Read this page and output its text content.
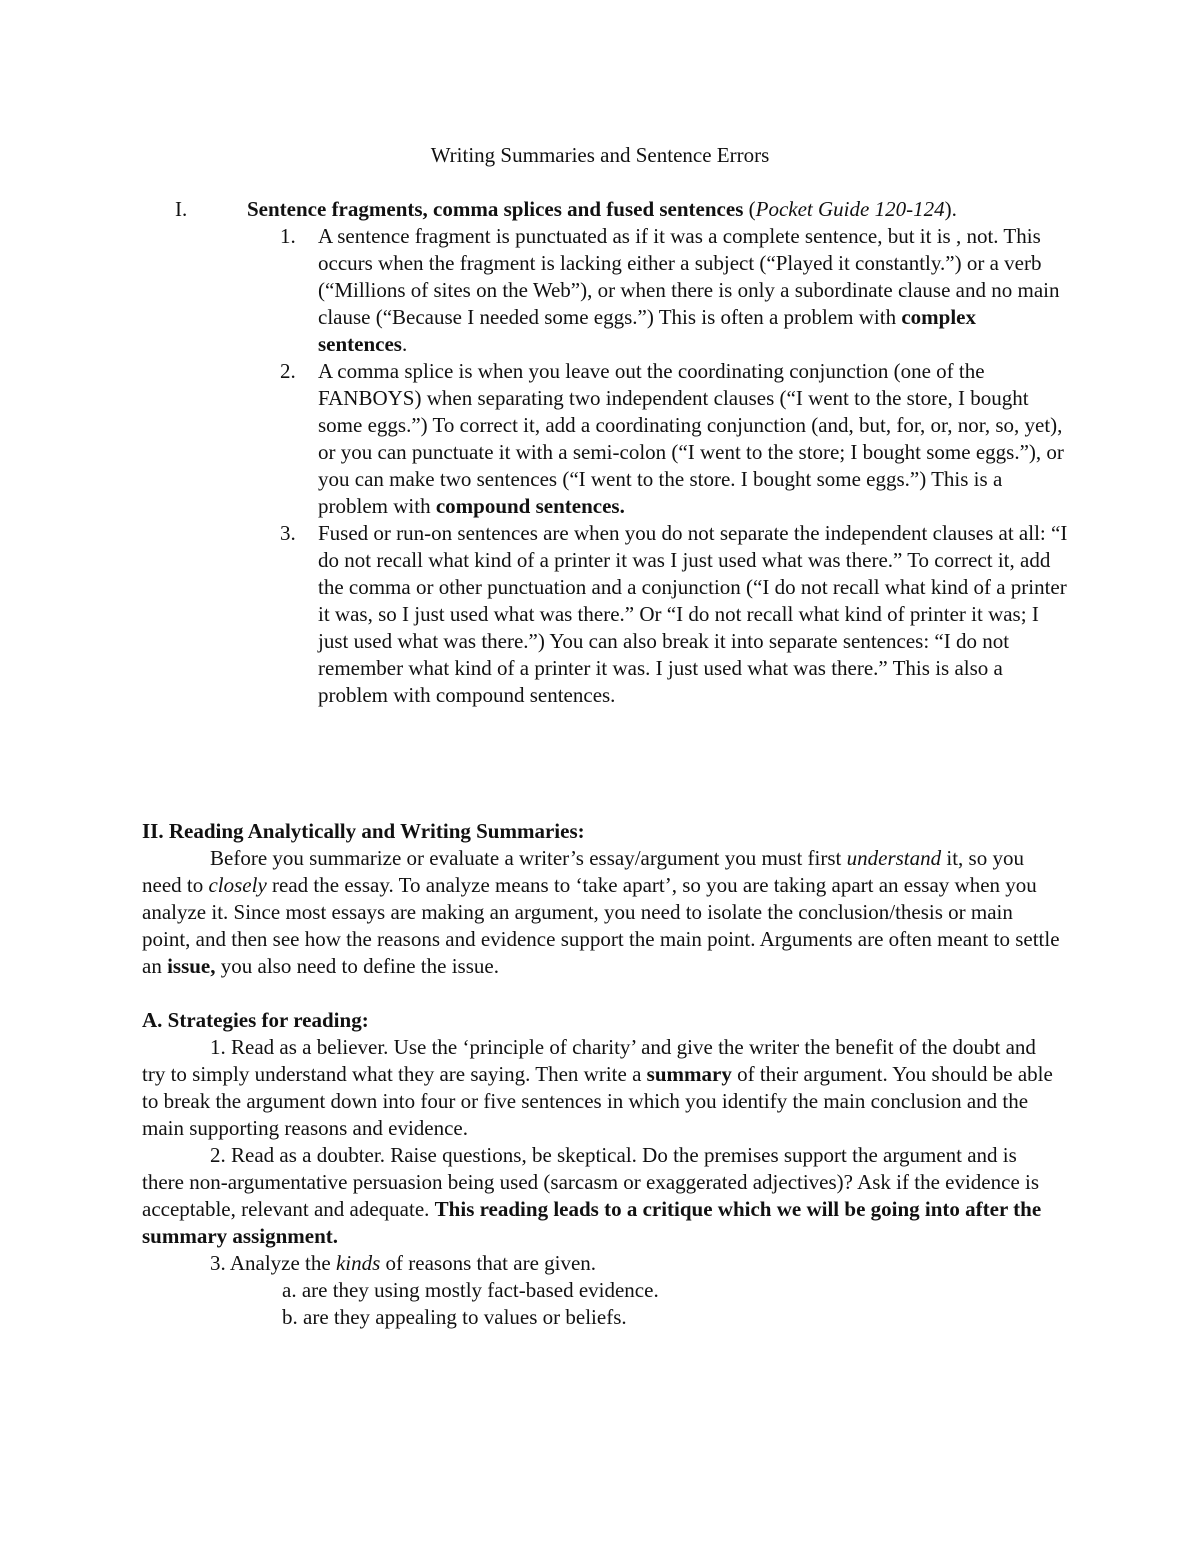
Writing Summaries and Sentence Errors
I.	Sentence fragments, comma splices and fused sentences (Pocket Guide 120-124).
1. A sentence fragment is punctuated as if it was a complete sentence, but it is , not. This occurs when the fragment is lacking either a subject (“Played it constantly.”) or a verb (“Millions of sites on the Web”), or when there is only a subordinate clause and no main clause (“Because I needed some eggs.”) This is often a problem with complex sentences.
2. A comma splice is when you leave out the coordinating conjunction (one of the FANBOYS) when separating two independent clauses (“I went to the store, I bought some eggs.”) To correct it, add a coordinating conjunction (and, but, for, or, nor, so, yet), or you can punctuate it with a semi-colon (“I went to the store; I bought some eggs.”), or you can make two sentences (“I went to the store. I bought some eggs.”) This is a problem with compound sentences.
3. Fused or run-on sentences are when you do not separate the independent clauses at all: “I do not recall what kind of a printer it was I just used what was there.” To correct it, add the comma or other punctuation and a conjunction (“I do not recall what kind of a printer it was, so I just used what was there.” Or “I do not recall what kind of printer it was; I just used what was there.”) You can also break it into separate sentences: “I do not remember what kind of a printer it was. I just used what was there.” This is also a problem with compound sentences.
II. Reading Analytically and Writing Summaries:
Before you summarize or evaluate a writer’s essay/argument you must first understand it, so you need to closely read the essay. To analyze means to ‘take apart’, so you are taking apart an essay when you analyze it. Since most essays are making an argument, you need to isolate the conclusion/thesis or main point, and then see how the reasons and evidence support the main point. Arguments are often meant to settle an issue, you also need to define the issue.
A. Strategies for reading:
1. Read as a believer. Use the ‘principle of charity’ and give the writer the benefit of the doubt and try to simply understand what they are saying. Then write a summary of their argument. You should be able to break the argument down into four or five sentences in which you identify the main conclusion and the main supporting reasons and evidence.
2. Read as a doubter. Raise questions, be skeptical. Do the premises support the argument and is there non-argumentative persuasion being used (sarcasm or exaggerated adjectives)? Ask if the evidence is acceptable, relevant and adequate. This reading leads to a critique which we will be going into after the summary assignment.
3. Analyze the kinds of reasons that are given.
a. are they using mostly fact-based evidence.
b. are they appealing to values or beliefs.
